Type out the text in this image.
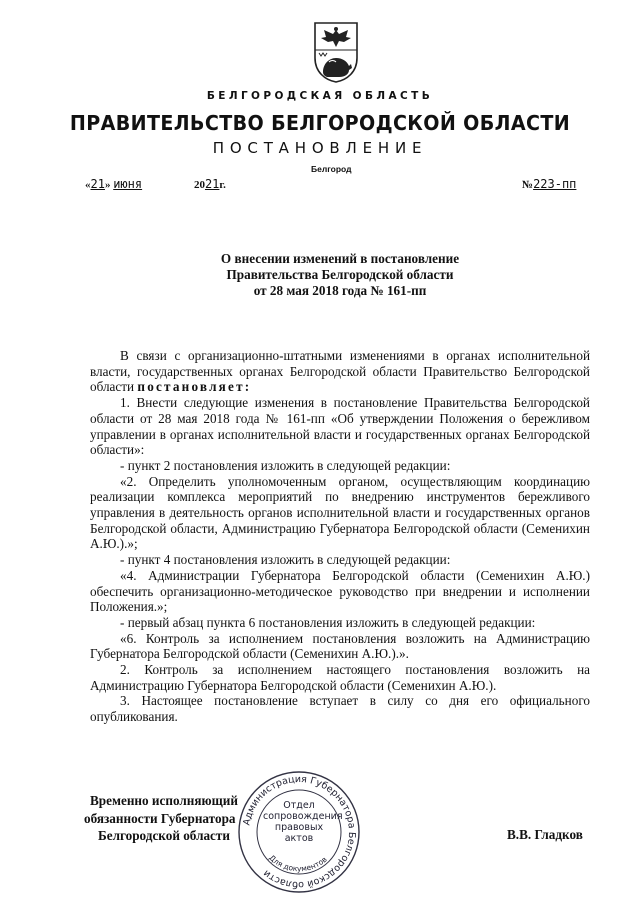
БЕЛГОРОДСКАЯ ОБЛАСТЬ
ПРАВИТЕЛЬСТВО БЕЛГОРОДСКОЙ ОБЛАСТИ
ПОСТАНОВЛЕНИЕ
Белгород
«21» июня	2021г.	№223-пп
О внесении изменений в постановление
Правительства Белгородской области
от 28 мая 2018 года № 161-пп
В связи с организационно-штатными изменениями в органах исполнительной власти, государственных органах Белгородской области Правительство Белгородской области постановляет:
1. Внести следующие изменения в постановление Правительства Белгородской области от 28 мая 2018 года № 161-пп «Об утверждении Положения о бережливом управлении в органах исполнительной власти и государственных органах Белгородской области»:
- пункт 2 постановления изложить в следующей редакции:
«2. Определить уполномоченным органом, осуществляющим координацию реализации комплекса мероприятий по внедрению инструментов бережливого управления в деятельность органов исполнительной власти и государственных органов Белгородской области, Администрацию Губернатора Белгородской области (Семенихин А.Ю.).»;
- пункт 4 постановления изложить в следующей редакции:
«4. Администрации Губернатора Белгородской области (Семенихин А.Ю.) обеспечить организационно-методическое руководство при внедрении и исполнении Положения.»;
- первый абзац пункта 6 постановления изложить в следующей редакции:
«6. Контроль за исполнением постановления возложить на Администрацию Губернатора Белгородской области (Семенихин А.Ю.).».
2. Контроль за исполнением настоящего постановления возложить на Администрацию Губернатора Белгородской области (Семенихин А.Ю.).
3. Настоящее постановление вступает в силу со дня его официального опубликования.
Временно исполняющий
обязанности Губернатора
Белгородской области	В.В. Гладков
Администрация Губернатора Белгородской области
Для документов
Отдел
сопровождения
правовых
актов
